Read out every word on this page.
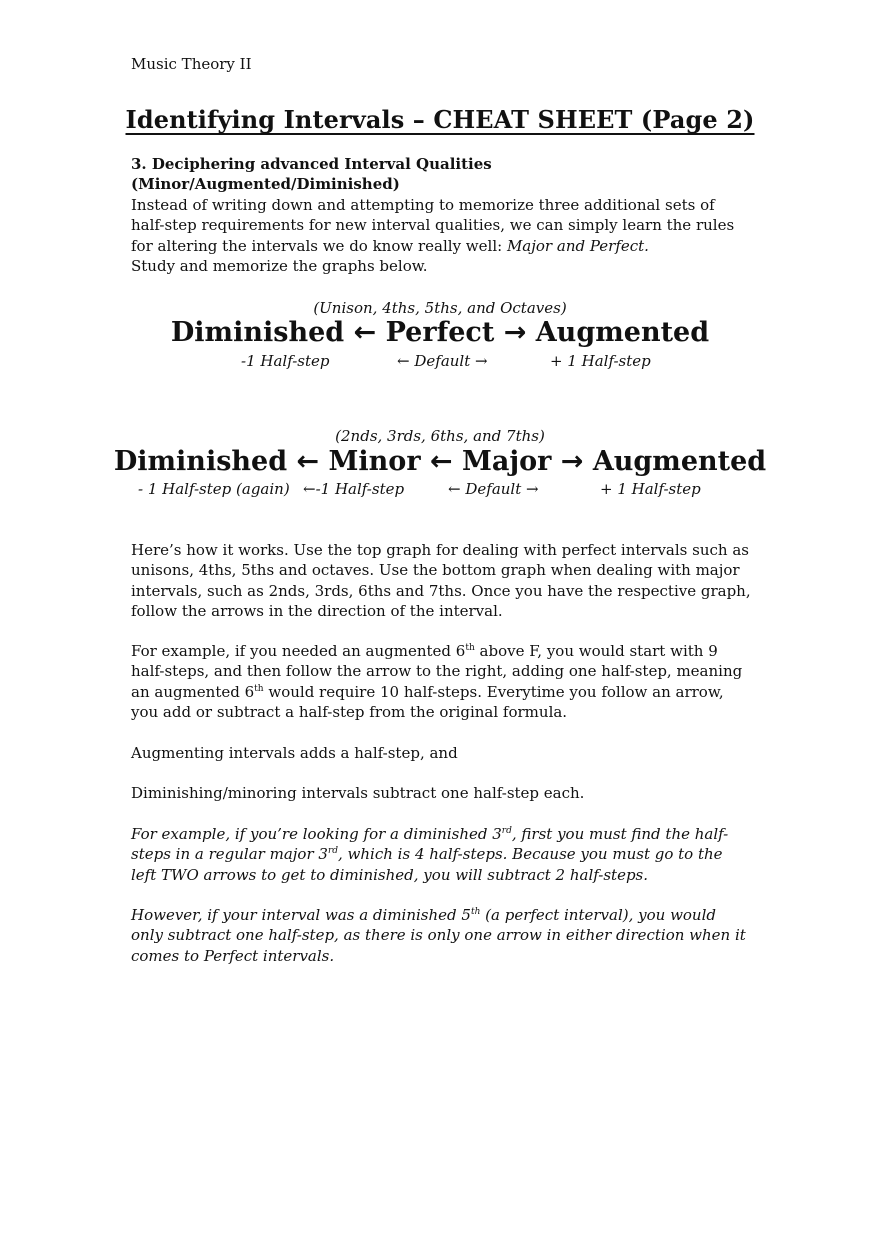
Music Theory II
Identifying Intervals – CHEAT SHEET (Page 2)

3. Deciphering advanced Interval Qualities (Minor/Augmented/Diminished)

Instead of writing down and attempting to memorize three additional sets of half-step requirements for new interval qualities, we can simply learn the rules for altering the intervals we do know really well: Major and Perfect.

Study and memorize the graphs below.

(Unison, 4ths, 5ths, and Octaves)
Diminished ← Perfect → Augmented
-1 Half-step	← Default →	+ 1 Half-step
(2nds, 3rds, 6ths, and 7ths)
Diminished ← Minor ← Major → Augmented
- 1 Half-step (again) ←-1 Half-step	← Default →	+ 1 Half-step
Here’s how it works. Use the top graph for dealing with perfect intervals such as unisons, 4ths, 5ths and octaves. Use the bottom graph when dealing with major intervals, such as 2nds, 3rds, 6ths and 7ths. Once you have the respective graph, follow the arrows in the direction of the interval.
For example, if you needed an augmented 6th above F, you would start with 9 half-steps, and then follow the arrow to the right, adding one half-step, meaning an augmented 6th would require 10 half-steps. Everytime you follow an arrow, you add or subtract a half-step from the original formula.
Augmenting intervals adds a half-step, and
Diminishing/minoring intervals subtract one half-step each.
For example, if you’re looking for a diminished 3rd, first you must find the half-steps in a regular major 3rd, which is 4 half-steps. Because you must go to the left TWO arrows to get to diminished, you will subtract 2 half-steps.
However, if your interval was a diminished 5th (a perfect interval), you would only subtract one half-step, as there is only one arrow in either direction when it comes to Perfect intervals.
